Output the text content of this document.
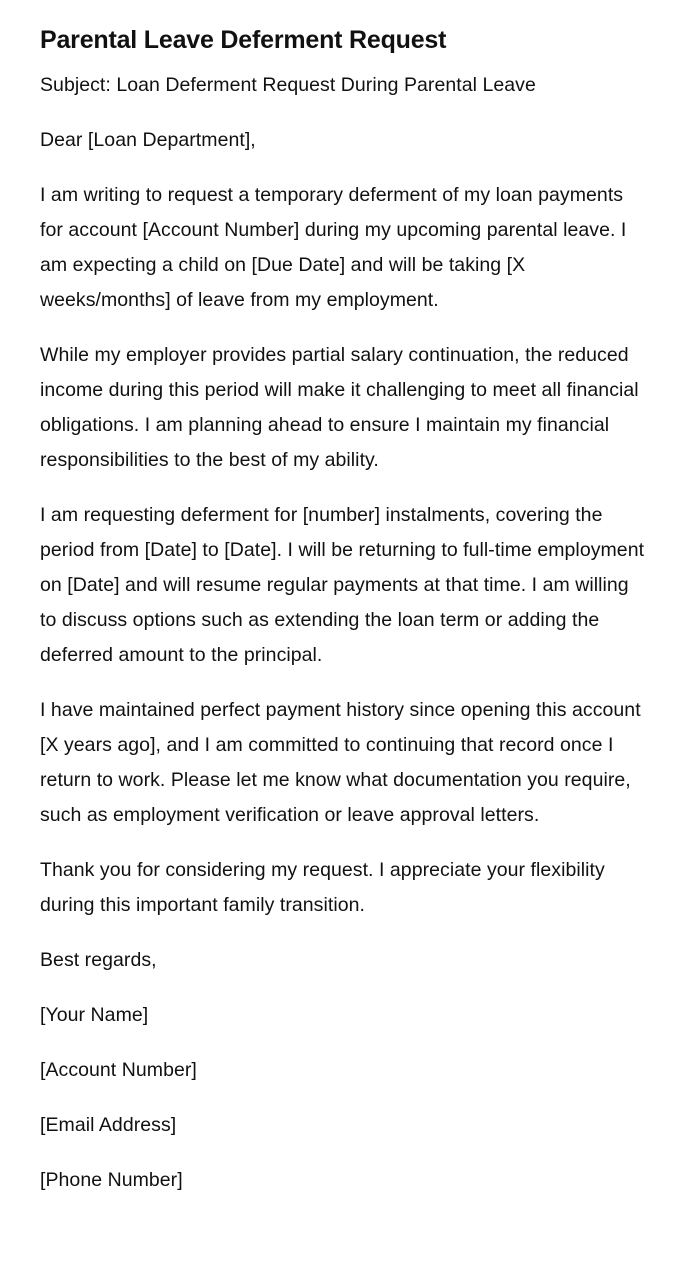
Parental Leave Deferment Request

Subject: Loan Deferment Request During Parental Leave

Dear [Loan Department],

I am writing to request a temporary deferment of my loan payments for account [Account Number] during my upcoming parental leave. I am expecting a child on [Due Date] and will be taking [X weeks/months] of leave from my employment.

While my employer provides partial salary continuation, the reduced income during this period will make it challenging to meet all financial obligations. I am planning ahead to ensure I maintain my financial responsibilities to the best of my ability.

I am requesting deferment for [number] instalments, covering the period from [Date] to [Date]. I will be returning to full-time employment on [Date] and will resume regular payments at that time. I am willing to discuss options such as extending the loan term or adding the deferred amount to the principal.

I have maintained perfect payment history since opening this account [X years ago], and I am committed to continuing that record once I return to work. Please let me know what documentation you require, such as employment verification or leave approval letters.

Thank you for considering my request. I appreciate your flexibility during this important family transition.

Best regards,

[Your Name]

[Account Number]

[Email Address]

[Phone Number]
